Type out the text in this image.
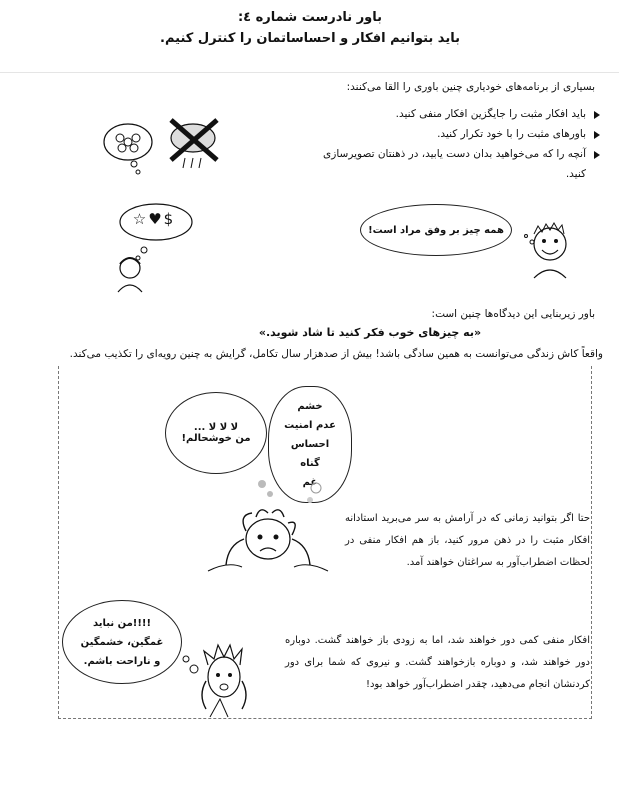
باور نادرست شماره ٤:
باید بتوانیم افکار و احساساتمان را کنترل کنیم.
بسیاری از برنامه‌های خودیاری چنین باوری را القا می‌کنند:
باید افکار مثبت را جایگزین افکار منفی کنید.
باورهای مثبت را با خود تکرار کنید.
آنچه را که می‌خواهید بدان دست یابید، در ذهنتان تصویرسازی کنید.
☆♥$
همه چیز بر وفق مراد است!
باور زیربنایی این دیدگاه‌ها چنین است:
«به چیزهای خوب فکر کنید تا شاد شوید.»
واقعاً کاش زندگی می‌توانست به همین سادگی باشد! بیش از صدهزار سال تکامل، گرایش به چنین رویه‌ای را تکذیب می‌کند.
لا لا لا ...
من خوشحالم!
خشم
عدم امنیت
احساس
گناه
غم
حتا اگر بتوانید زمانی که در آرامش به سر می‌برید استادانه افکار مثبت را در ذهن مرور کنید، باز هم افکار منفی در لحظات اضطراب‌آور به سراغتان خواهند آمد.
!!!!من نباید
غمگین، خشمگین
و ناراحت باشم.
افکار منفی کمی دور خواهند شد، اما به زودی باز خواهند گشت. دوباره دور خواهند شد، و دوباره بازخواهند گشت. و نیرو‌ی که شما برای دور کردنشان انجام می‌دهید، چقدر اضطراب‌آور خواهد بود!
